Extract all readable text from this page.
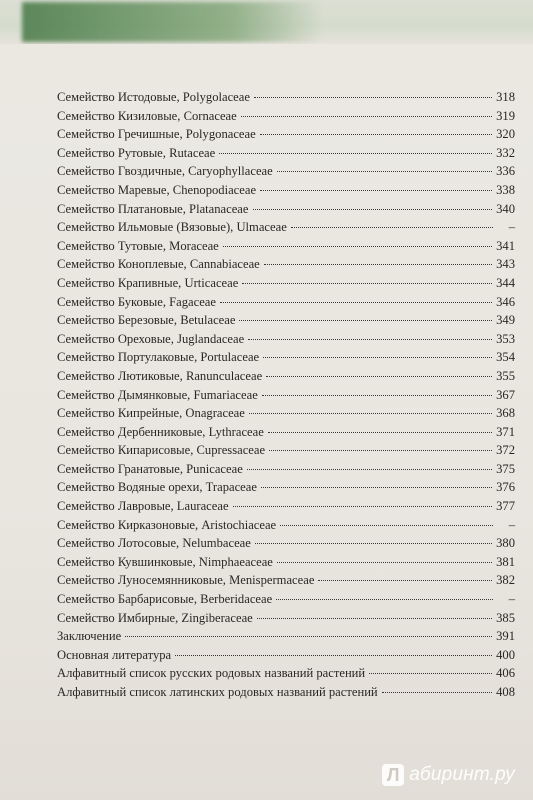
Семейство Истодовые, Polygolaceae	318
Семейство Кизиловые, Cornaceae	319
Семейство Гречишные, Polygonaceae	320
Семейство Рутовые, Rutaceae	332
Семейство Гвоздичные, Caryophyllaceae	336
Семейство Маревые, Chenopodiaceae	338
Семейство Платановые, Platanaceae	340
Семейство Ильмовые (Вязовые), Ulmaceae	–
Семейство Тутовые, Moraceae	341
Семейство Коноплевые, Cannabiaceae	343
Семейство Крапивные, Urticaceae	344
Семейство Буковые, Fagaceae	346
Семейство Березовые, Betulaceae	349
Семейство Ореховые, Juglandaceae	353
Семейство Портулаковые, Portulaceae	354
Семейство Лютиковые, Ranunculaceae	355
Семейство Дымянковые, Fumariaceae	367
Семейство Кипрейные, Onagraceae	368
Семейство Дербенниковые, Lythraceae	371
Семейство Кипарисовые, Cupressaceae	372
Семейство Гранатовые, Punicaceae	375
Семейство Водяные орехи, Trapaceae	376
Семейство Лавровые, Lauraceae	377
Семейство Кирказоновые, Aristochiaceae	–
Семейство Лотосовые, Nelumbaceae	380
Семейство Кувшинковые, Nimphaeaceae	381
Семейство Луносемянниковые, Menispermaceae	382
Семейство Барбарисовые, Berberidaceae	–
Семейство Имбирные, Zingiberaceae	385
Заключение	391
Основная литература	400
Алфавитный список русских родовых названий растений	406
Алфавитный список латинских родовых названий растений	408
Л абиринт.ру
